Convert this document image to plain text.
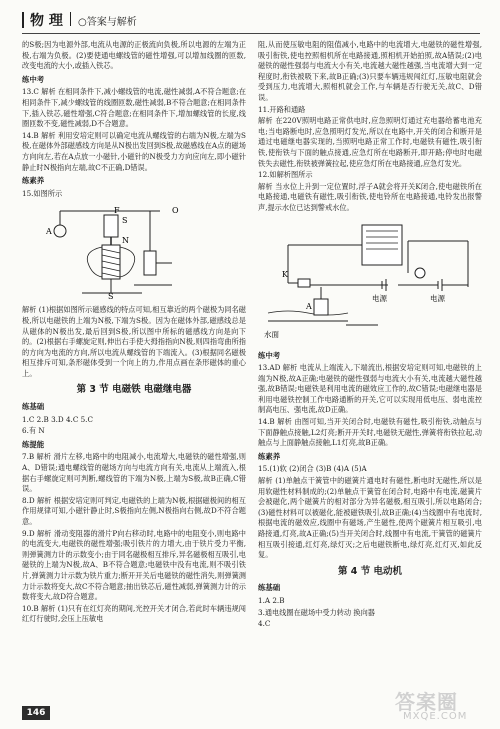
物 理 ○答案与解析

的S极;因为电源外部,电流从电源的正极流向负极,所以电源的左端为正极,右端为负极。(2)要使通电螺线管的磁性增强,可以增加线圈的匝数,改变电流的大小,或插入铁芯。

练中考

13.C 解析 在相同条件下,减小螺线管的电流,磁性减弱,A不符合题意;在相同条件下,减少螺线管的线圈匝数,磁性减弱,B不符合题意;在相同条件下,插入铁芯,磁性增强,C符合题意;在相同条件下,增加螺线管的长度,线圈匝数不变,磁性减弱,D不合题意。

14.B 解析 利用安培定则可以确定电流从螺线管的右端为N极,左端为S极,在磁体外部磁感线方向是从N极出发回到S极,故磁感线在A点的磁场方向向左,若在A点放一小磁针,小磁针的N极受力方向应向左,即小磁针静止时N极指向左端,故C不正确,D错误。

练素养

15.如图所示

A
F
S
N
S
O

解析 (1)根据如图所示磁感线的特点可知,相互靠近的两个磁极为同名磁极,所以电磁铁的上端为N极,下端为S极。因为在磁体外部,磁感线总是从磁体的N极出发,最后回到S极,所以图中所标的磁感线方向是向下的。(2)根据右手螺旋定则,伸出右手使大拇指指向N极,则四指弯曲所指的方向为电流的方向,所以电流从螺线管的下端流入。(3)根据同名磁极相互排斥可知,条形磁体受到一个向上的力,作用点画在条形磁体的重心上。

第 3 节 电磁铁 电磁继电器
练基础

1.C 2.B 3.D 4.C 5.C

6.有 N

练提能

7.B 解析 滑片左移,电路中的电阻减小,电流增大,电磁铁的磁性增强,则A、D错误;通电螺线管的磁场方向与电流方向有关,电流从上端流入,根据右手螺旋定则可判断,螺线管的下端为N极,上端为S极,故B正确,C错误。

8.D 解析 根据安培定则可判定,电磁铁的上端为N极,根据磁极间的相互作用规律可知,小磁针静止时,S极指向左侧,N极指向右侧,故D不符合题意。

9.D 解析 滑动变阻器的滑片P向右移动时,电路中的电阻变小,则电路中的电流变大,电磁铁的磁性增强;吸引铁片的力增大,由于铁片受力平衡,则弹簧测力计的示数变小;由于同名磁极相互排斥,异名磁极相互吸引,电磁铁的上端为N极,故A、B不符合题意;电磁铁中没有电流,则不吸引铁片,弹簧测力计示数为铁片重力;断开开关后电磁铁的磁性消失,则弹簧测力计示数将变大,故C不符合题意;抽出铁芯后,磁性减弱,弹簧测力计的示数将变大,故D符合题意。

10.B 解析 (1)只有在红灯亮的期间,光控开关才闭合,若此时车辆违规闯红灯行驶时,会压上压敏电

阻,从而使压敏电阻的阻值减小,电路中的电流增大,电磁铁的磁性增强,吸引衔铁,使电控照相机所在电路接通,照相机开始拍照,故A错误;(2)电磁铁的磁性强弱与电流大小有关,电流越大磁性越强,当电流增大到一定程度时,衔铁被吸下来,故B正确;(3)只要车辆违规闯红灯,压敏电阻就会受到压力,电流增大,照相机就会工作,与车辆是否行驶无关,故C、D错误。

11.开路和通路

解析 在220V照明电路正常供电时,应急照明灯通过充电器给蓄电池充电;当电路断电时,应急照明灯发光,所以在电路中,开关的闭合和断开是通过电磁继电器实现的,当照明电路正常工作时,电磁铁有磁性,吸引衔铁,使衔铁与下面的触点接通,应急灯所在电路断开,即开路;停电时电磁铁失去磁性,衔铁被弹簧拉起,使应急灯所在电路接通,应急灯发光。

12.如解析图所示

解析 当水位上升到一定位置时,浮子A就会将开关K闭合,使电磁铁所在电路接通,电磁铁有磁性,吸引衔铁,使电铃所在电路接通,电铃发出报警声,提示水位已达到警戒水位。

K
A
水面
电源	电源
练中考

13.AD 解析 电流从上端流入,下端流出,根据安培定则可知,电磁铁的上端为N极,故A正确;电磁铁的磁性强弱与电流大小有关,电流越大磁性越强,故B错误;电磁铁是利用电流的磁效应工作的,故C错误;电磁继电器是利用电磁铁控制工作电路通断的开关,它可以实现用低电压、弱电流控制高电压、强电流,故D正确。

14.B 解析 由图可知,当开关闭合时,电磁铁有磁性,吸引衔铁,动触点与下面静触点接触,L2灯亮;断开开关时,电磁铁无磁性,弹簧将衔铁拉起,动触点与上面静触点接触,L1灯亮,故B正确。

练素养

15.(1)软 (2)闭合 (3)B (4)A (5)A

解析 (1)单触点干簧管中的磁簧片通电时有磁性,断电时无磁性,所以是用软磁性材料制成的;(2)单触点干簧管在闭合时,电路中有电流,磁簧片会被磁化,两个磁簧片的相对部分为异名磁极,相互吸引,所以电路闭合;(3)磁性材料可以被磁化,能被磁铁吸引,故B正确;(4)当线圈中有电流时,根据电流的磁效应,线圈中有磁场,产生磁性,使两个磁簧片相互吸引,电路接通,灯亮,故A正确;(5)当开关闭合时,线圈中有电流,干簧管的磁簧片相互吸引接通,红灯亮,绿灯灭;之后电磁铁断电,绿灯亮,红灯灭,如此反复。

第 4 节 电动机
练基础

1.A 2.B

3.通电线圈在磁场中受力转动 换向器

4.C

146	答案圈
MXQE.COM
